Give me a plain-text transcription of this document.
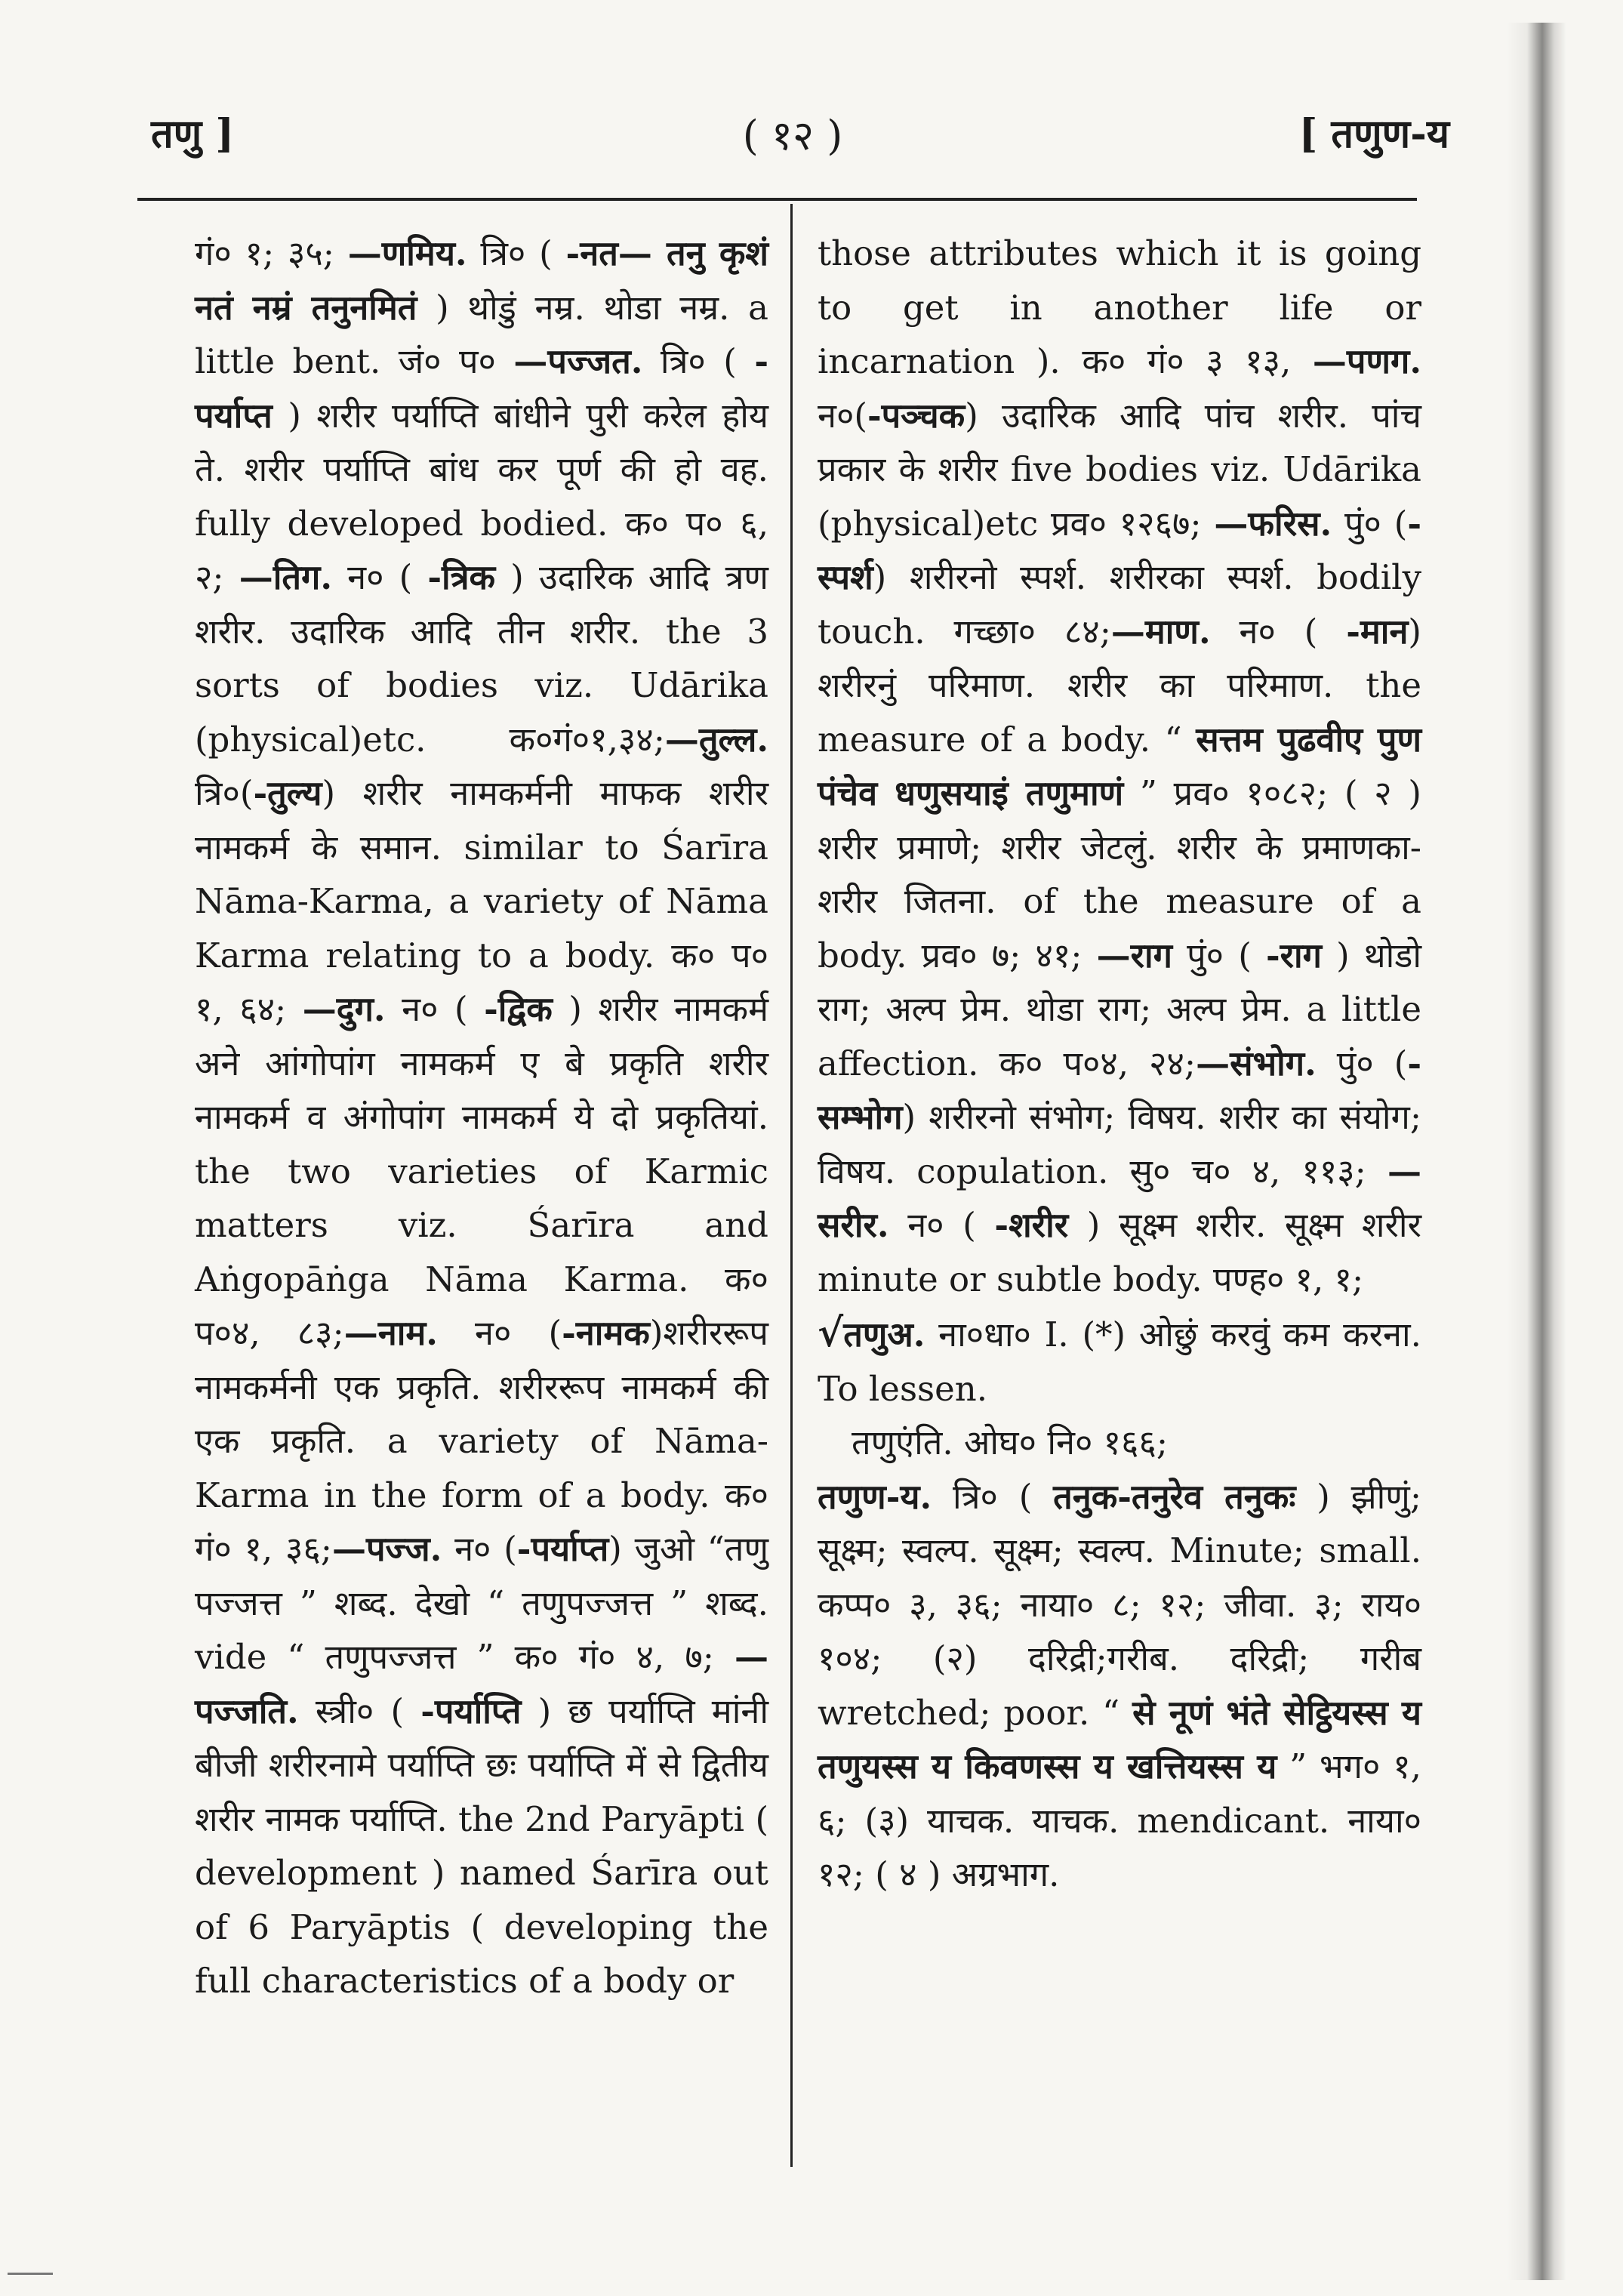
तणु ]	( १२ )	[ तणुण-य

गं० १; ३५; —णमिय. त्रि० ( -नत— तनु कृशं नतं नम्रं तनुनमितं ) थोडुं नम्र. थोडा नम्र. a little bent. जं० प० —पज्जत. त्रि० ( -पर्याप्त ) शरीर पर्याप्ति बांधीने पुरी करेल होय ते. शरीर पर्याप्ति बांध कर पूर्ण की हो वह. fully developed bodied. क० प० ६, २; —तिग. न० ( -त्रिक ) उदारिक आदि त्रण शरीर. उदारिक आदि तीन शरीर. the 3 sorts of bodies viz. Udārika (physical)etc. क०गं०१,३४;—तुल्ल. त्रि०(-तुल्य) शरीर नामकर्मनी माफक शरीर नामकर्म के समान. similar to Śarīra Nāma-Karma, a variety of Nāma Karma relating to a body. क० प० १, ६४; —दुग. न० ( -द्विक ) शरीर नामकर्म अने आंगोपांग नामकर्म ए बे प्रकृति शरीर नामकर्म व अंगोपांग नामकर्म ये दो प्रकृतियां. the two varieties of Karmic matters viz. Śarīra and Aṅgopāṅga Nāma Karma. क० प०४, ८३;—नाम. न० (-नामक)शरीररूप नामकर्मनी एक प्रकृति. शरीररूप नामकर्म की एक प्रकृति. a variety of Nāma-Karma in the form of a body. क० गं० १, ३६;—पज्ज. न० (-पर्याप्त) जुओ “तणु पज्जत्त ” शब्द. देखो “ तणुपज्जत्त ” शब्द. vide “ तणुपज्जत्त ” क० गं० ४, ७; —पज्जति. स्त्री० ( -पर्याप्ति ) छ पर्याप्ति मांनी बीजी शरीरनामे पर्याप्ति छः पर्याप्ति में से द्वितीय शरीर नामक पर्याप्ति. the 2nd Paryāpti ( development ) named Śarīra out of 6 Paryāptis ( developing the full characteristics of a body or

those attributes which it is going to get in another life or incarnation ). क० गं० ३ १३, —पणग. न०(-पञ्चक) उदारिक आदि पांच शरीर. पांच प्रकार के शरीर five bodies viz. Udārika (physical)etc प्रव० १२६७; —फरिस. पुं० (-स्पर्श) शरीरनो स्पर्श. शरीरका स्पर्श. bodily touch. गच्छा० ८४;—माण. न० ( -मान) शरीरनुं परिमाण. शरीर का परिमाण. the measure of a body. “ सत्तम पुढवीए पुण पंचेव धणुसयाइं तणुमाणं ” प्रव० १०८२; ( २ ) शरीर प्रमाणे; शरीर जेटलुं. शरीर के प्रमाणका-शरीर जितना. of the measure of a body. प्रव० ७; ४१; —राग पुं० ( -राग ) थोडो राग; अल्प प्रेम. थोडा राग; अल्प प्रेम. a little affection. क० प०४, २४;—संभोग. पुं० (-सम्भोग) शरीरनो संभोग; विषय. शरीर का संयोग; विषय. copulation. सु० च० ४, ११३; —सरीर. न० ( -शरीर ) सूक्ष्म शरीर. सूक्ष्म शरीर minute or subtle body. पण्ह० १, १;

√तणुअ. ना०धा० I. (*) ओछुं करवुं कम करना. To lessen.

तणुएंति. ओघ० नि० १६६;

तणुण-य. त्रि० ( तनुक-तनुरेव तनुकः ) झीणुं; सूक्ष्म; स्वल्प. सूक्ष्म; स्वल्प. Minute; small. कप्प० ३, ३६; नाया० ८; १२; जीवा. ३; राय० १०४; (२) दरिद्री;गरीब. दरिद्री; गरीब wretched; poor. “ से नूणं भंते सेट्ठियस्स य तणुयस्स य किवणस्स य खत्तियस्स य ” भग० १, ६; (३) याचक. याचक. mendicant. नाया० १२; ( ४ ) अग्रभाग.
